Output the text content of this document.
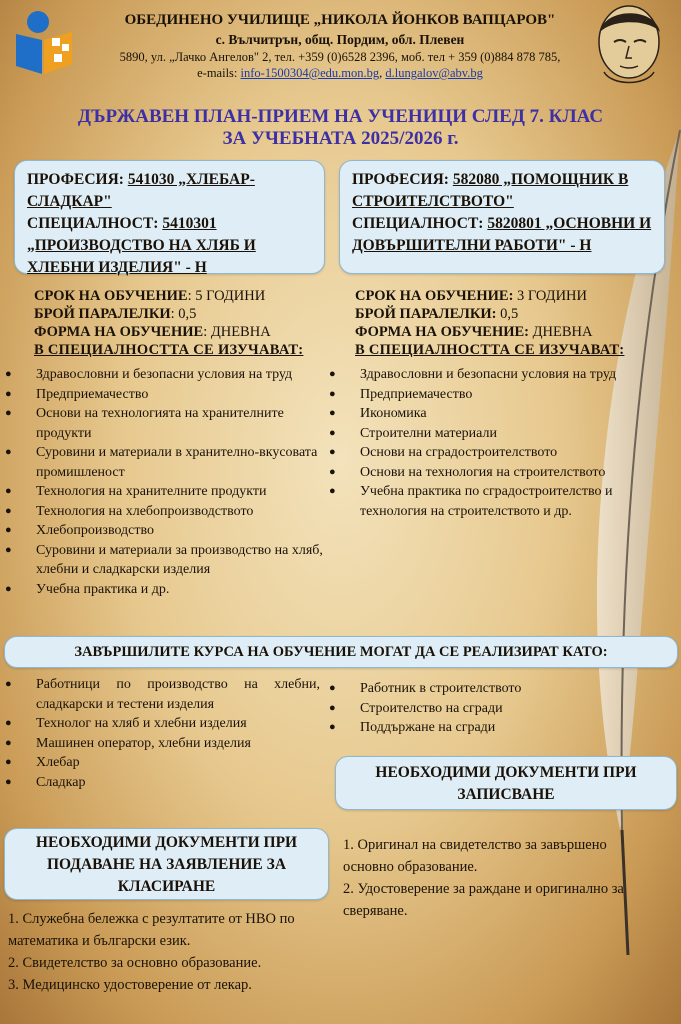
ОБЕДИНЕНО УЧИЛИЩЕ „НИКОЛА ЙОНКОВ ВАПЦАРОВ"
с. Вълчитрън, общ. Пордим, обл. Плевен
5890, ул. „Лачко Ангелов" 2, тел. +359 (0)6528 2396, моб. тел + 359 (0)884 878 785,
e-mails: info-1500304@edu.mon.bg, d.lungalov@abv.bg
ДЪРЖАВЕН ПЛАН-ПРИЕМ НА УЧЕНИЦИ СЛЕД 7. КЛАС
ЗА УЧЕБНАТА 2025/2026 г.
ПРОФЕСИЯ: 541030 „ХЛЕБАР-СЛАДКАР"
СПЕЦИАЛНОСТ: 5410301 „ПРОИЗВОДСТВО НА ХЛЯБ И ХЛЕБНИ ИЗДЕЛИЯ" - Н
ПРОФЕСИЯ: 582080 „ПОМОЩНИК В СТРОИТЕЛСТВОТО"
СПЕЦИАЛНОСТ: 5820801 „ОСНОВНИ И ДОВЪРШИТЕЛНИ РАБОТИ" - Н
СРОК НА ОБУЧЕНИЕ: 5 ГОДИНИ
БРОЙ ПАРАЛЕЛКИ: 0,5
ФОРМА НА ОБУЧЕНИЕ: ДНЕВНА
В СПЕЦИАЛНОСТТА СЕ ИЗУЧАВАТ:
● Здравословни и безопасни условия на труд
● Предприемачество
● Основи на технологията на хранителните продукти
● Суровини и материали в хранително-вкусовата промишленост
● Технология на хранителните продукти
● Технология на хлебопроизводството
● Хлебопроизводство
● Суровини и материали за производство на хляб, хлебни и сладкарски изделия
● Учебна практика и др.
СРОК НА ОБУЧЕНИЕ: 3 ГОДИНИ
БРОЙ ПАРАЛЕЛКИ: 0,5
ФОРМА НА ОБУЧЕНИЕ: ДНЕВНА
В СПЕЦИАЛНОСТТА СЕ ИЗУЧАВАТ:
● Здравословни и безопасни условия на труд
● Предприемачество
● Икономика
● Строителни материали
● Основи на сградостроителството
● Основи на технология на строителството
● Учебна практика по сградостроителство и технология на строителството и др.
ЗАВЪРШИЛИТЕ КУРСА НА ОБУЧЕНИЕ МОГАТ ДА СЕ РЕАЛИЗИРАТ КАТО:
● Работници по производство на хлебни, сладкарски и тестени изделия
● Технолог на хляб и хлебни изделия
● Машинен оператор, хлебни изделия
● Хлебар
● Сладкар
● Работник в строителството
● Строителство на сгради
● Поддържане на сгради
НЕОБХОДИМИ ДОКУМЕНТИ ПРИ ЗАПИСВАНЕ
1. Оригинал на свидетелство за завършено основно образование.
2. Удостоверение за раждане и оригинално за сверяване.
НЕОБХОДИМИ ДОКУМЕНТИ ПРИ ПОДАВАНЕ НА ЗАЯВЛЕНИЕ ЗА КЛАСИРАНЕ
1. Служебна бележка с резултатите от НВО по математика и български език.
2. Свидетелство за основно образование.
3. Медицинско удостоверение от лекар.
